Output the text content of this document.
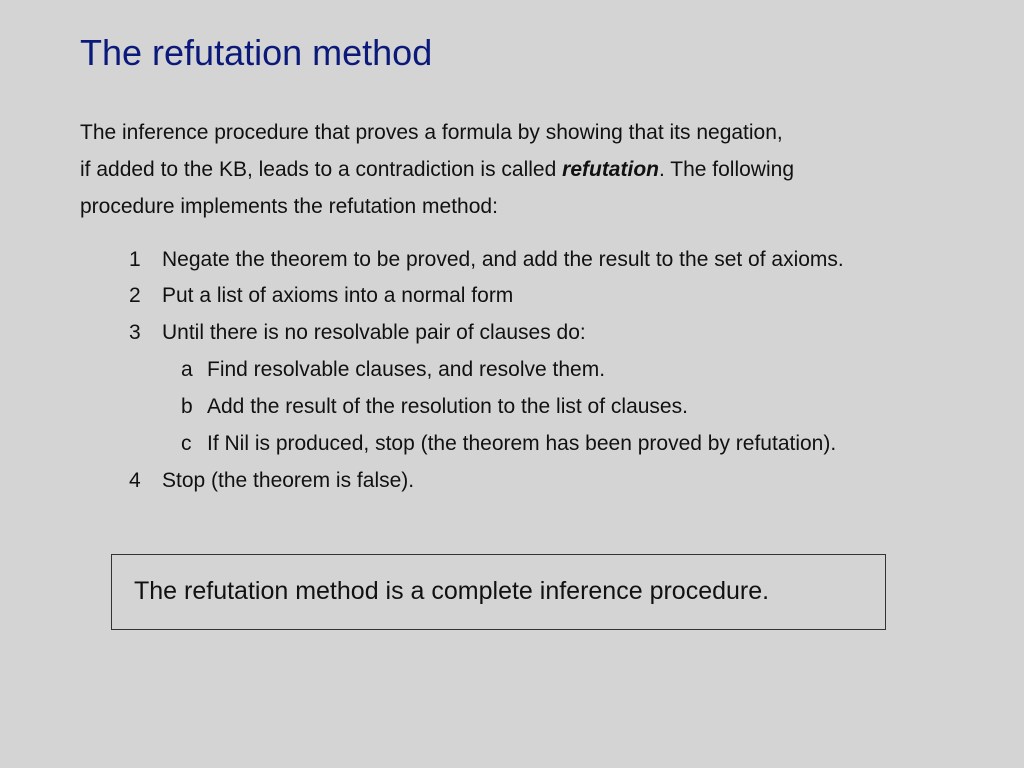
The refutation method
The inference procedure that proves a formula by showing that its negation,
if added to the KB, leads to a contradiction is called refutation. The following
procedure implements the refutation method:
1	Negate the theorem to be proved, and add the result to the set of axioms.
2	Put a list of axioms into a normal form
3	Until there is no resolvable pair of clauses do:
a Find resolvable clauses, and resolve them.
b Add the result of the resolution to the list of clauses.
c If Nil is produced, stop (the theorem has been proved by refutation).
4	Stop (the theorem is false).
The refutation method is a complete inference procedure.
